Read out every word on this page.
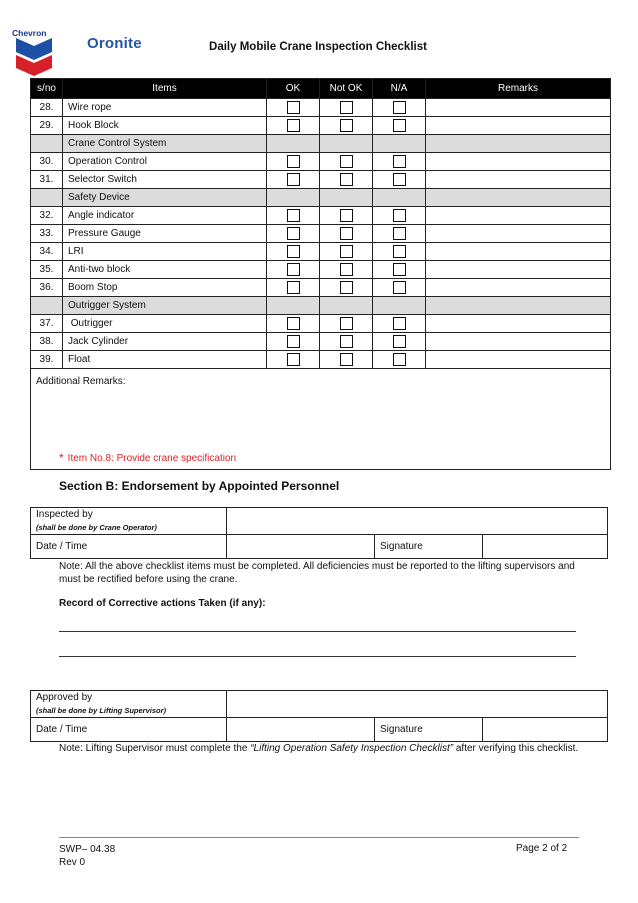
Chevron
Oronite	Daily Mobile Crane Inspection Checklist
s/no	Items	OK	Not OK	N/A	Remarks
28.	Wire rope	

29.	Hook Block	

	Crane Control System				
30.	Operation Control	

31.	Selector Switch	

	Safety Device				
32.	Angle indicator	

33.	Pressure Gauge	

34.	LRI	

35.	Anti-two block	

36.	Boom Stop	

	Outrigger System				
37.	Outrigger	

38.	Jack Cylinder	

39.	Float	

Additional Remarks:					
* Item No.8: Provide crane specification
Section B: Endorsement by Appointed Personnel
Inspected by
(shall be done by Crane Operator)			

Date / Time		Signature	
Note: All the above checklist items must be completed. All deficiencies must be reported to the lifting supervisors and must be rectified before using the crane.
Record of Corrective actions Taken (if any):
Approved by
(shall be done by Lifting Supervisor)			

Date / Time		Signature	
Note: Lifting Supervisor must complete the “Lifting Operation Safety Inspection Checklist” after verifying this checklist.
SWP– 04.38
Rev 0
Page 2 of 2
